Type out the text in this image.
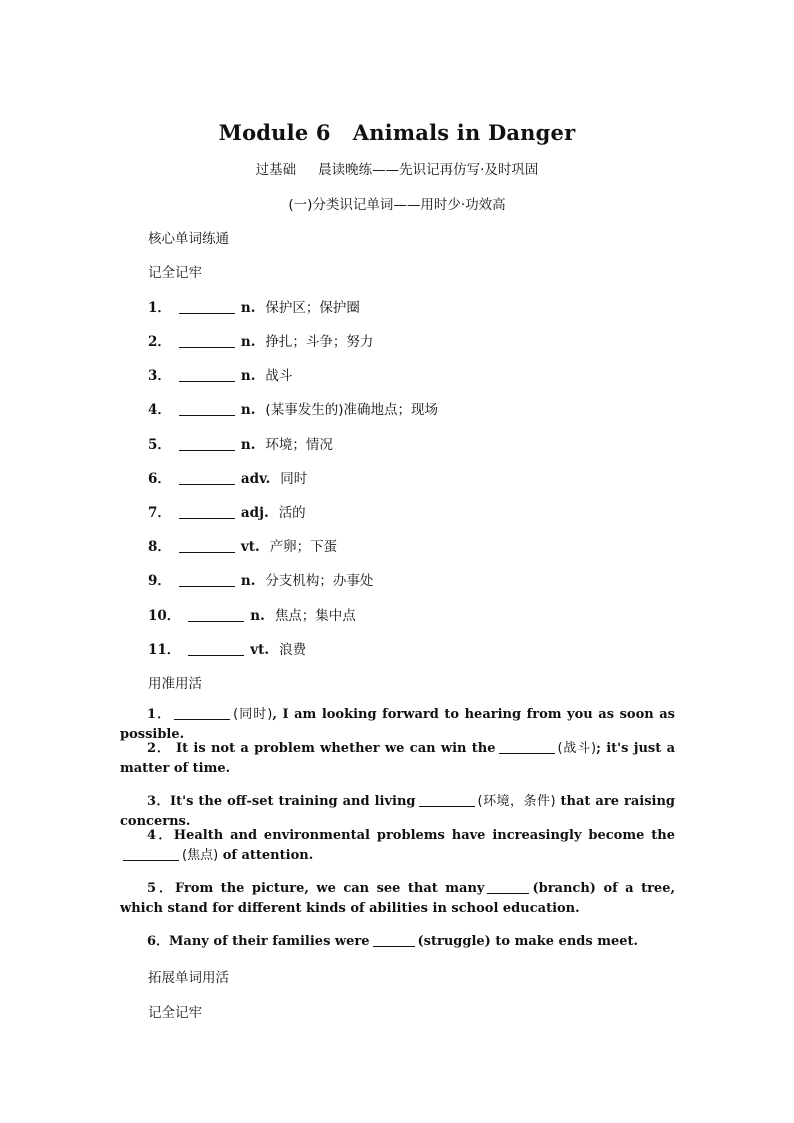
Module 6 Animals in Danger
过基础 晨读晚练——先识记再仿写·及时巩固
(一)分类识记单词——用时少·功效高
核心单词练通
记全记牢
1．	n. 保护区；保护圈
2．	n. 挣扎；斗争；努力
3．	n. 战斗
4．	n. (某事发生的)准确地点；现场
5．	n. 环境；情况
6．	adv. 同时
7．	adj. 活的
8．	vt. 产卵；下蛋
9．	n. 分支机构；办事处
10．	n. 焦点；集中点
11．	vt. 浪费
用准用活
1．	(同时), I am looking forward to hearing from you as soon as possible.
2． It is not a problem whether we can win the	(战斗); it's just a matter of time.
3．It's the off-set training and living	(环境，条件) that are raising concerns.
4．Health and environmental problems have increasingly become the(焦点) of attention.
5．From the picture, we can see that many	(branch) of a tree, which stand for different kinds of abilities in school education.
6．Many of their families were	(struggle) to make ends meet.
拓展单词用活
记全记牢
